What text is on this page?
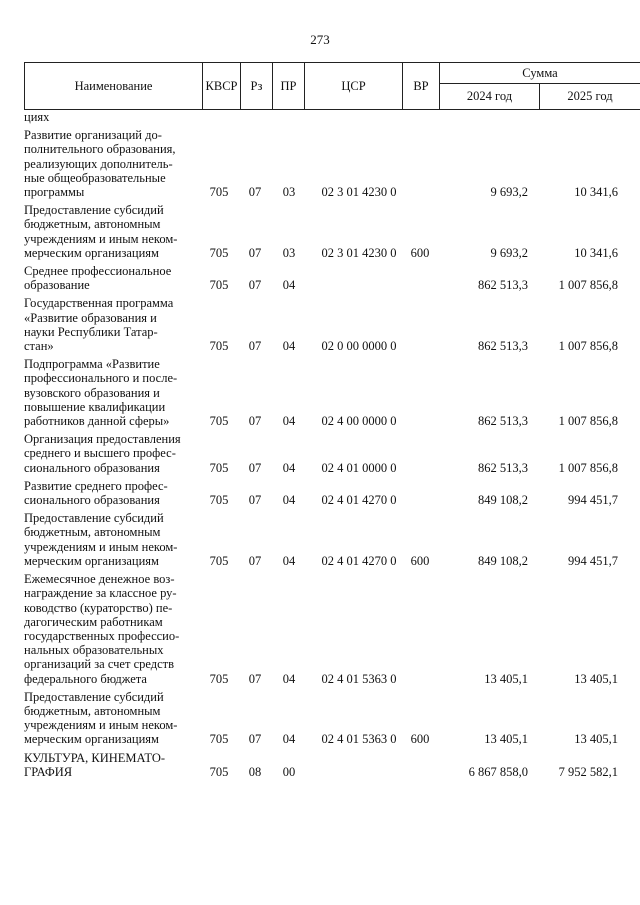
273
Наименование	КВСР	Рз	ПР	ЦСР	ВР
Сумма
2024 год	2025 год
циях
Развитие организаций до-
полнительного образования,
реализующих дополнитель-
ные общеобразовательные
программы	705	07	03	02 3 01 4230 0	9 693,2	10 341,6
Предоставление субсидий
бюджетным, автономным
учреждениям и иным неком-
мерческим организациям	705	07	03	02 3 01 4230 0	600	9 693,2	10 341,6
Среднее профессиональное
образование	705	07	04	862 513,3	1 007 856,8
Государственная программа
«Развитие образования и
науки Республики Татар-
стан»	705	07	04	02 0 00 0000 0	862 513,3	1 007 856,8
Подпрограмма «Развитие
профессионального и после-
вузовского образования и
повышение квалификации
работников данной сферы»	705	07	04	02 4 00 0000 0	862 513,3	1 007 856,8
Организация предоставления
среднего и высшего профес-
сионального образования	705	07	04	02 4 01 0000 0	862 513,3	1 007 856,8
Развитие среднего профес-
сионального образования	705	07	04	02 4 01 4270 0	849 108,2	994 451,7
Предоставление субсидий
бюджетным, автономным
учреждениям и иным неком-
мерческим организациям	705	07	04	02 4 01 4270 0	600	849 108,2	994 451,7
Ежемесячное денежное воз-
награждение за классное ру-
ководство (кураторство) пе-
дагогическим работникам
государственных профессио-
нальных образовательных
организаций за счет средств
федерального бюджета	705	07	04	02 4 01 5363 0	13 405,1	13 405,1
Предоставление субсидий
бюджетным, автономным
учреждениям и иным неком-
мерческим организациям	705	07	04	02 4 01 5363 0	600	13 405,1	13 405,1
КУЛЬТУРА, КИНЕМАТО-
ГРАФИЯ	705	08	00	6 867 858,0	7 952 582,1
